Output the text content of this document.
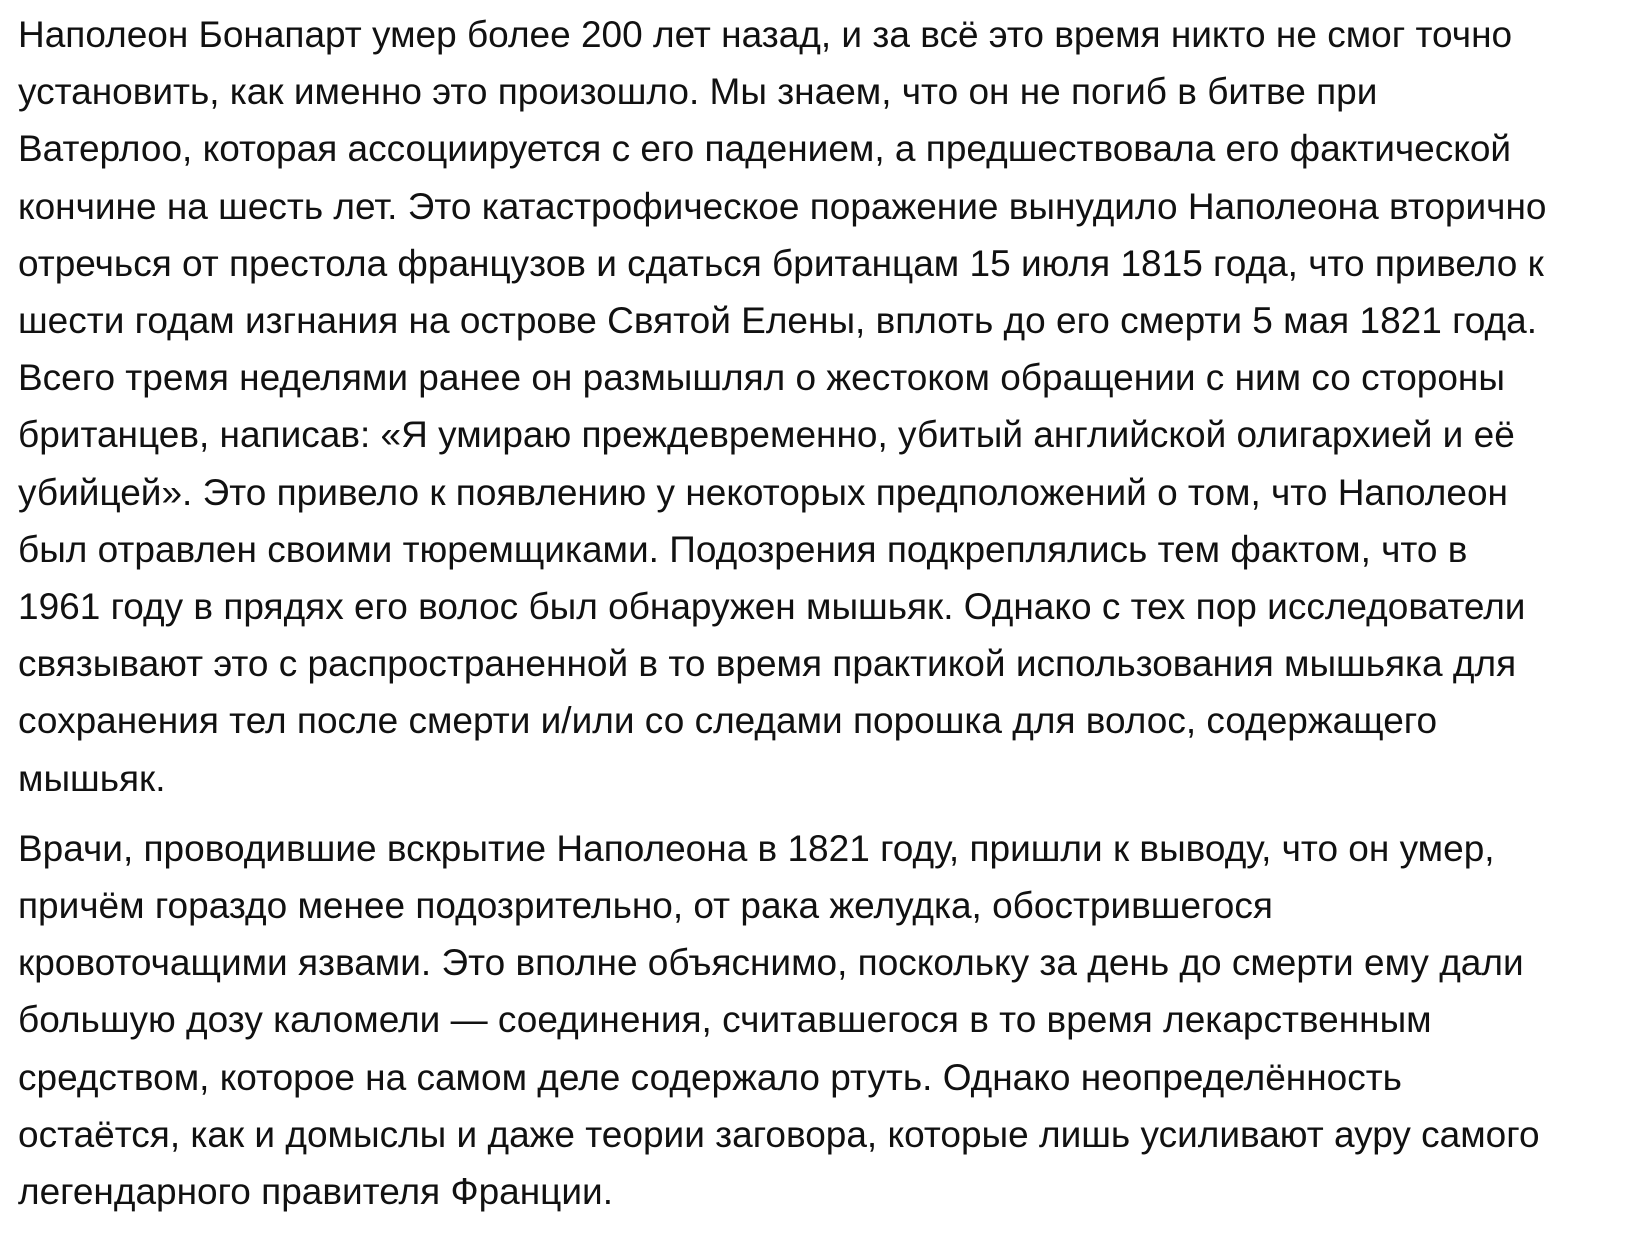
Наполеон Бонапарт умер более 200 лет назад, и за всё это время никто не смог точно
установить, как именно это произошло. Мы знаем, что он не погиб в битве при
Ватерлоо, которая ассоциируется с его падением, а предшествовала его фактической
кончине на шесть лет. Это катастрофическое поражение вынудило Наполеона вторично
отречься от престола французов и сдаться британцам 15 июля 1815 года, что привело к
шести годам изгнания на острове Святой Елены, вплоть до его смерти 5 мая 1821 года.
Всего тремя неделями ранее он размышлял о жестоком обращении с ним со стороны
британцев, написав: «Я умираю преждевременно, убитый английской олигархией и её
убийцей». Это привело к появлению у некоторых предположений о том, что Наполеон
был отравлен своими тюремщиками. Подозрения подкреплялись тем фактом, что в
1961 году в прядях его волос был обнаружен мышьяк. Однако с тех пор исследователи
связывают это с распространенной в то время практикой использования мышьяка для
сохранения тел после смерти и/или со следами порошка для волос, содержащего
мышьяк.

Врачи, проводившие вскрытие Наполеона в 1821 году, пришли к выводу, что он умер,
причём гораздо менее подозрительно, от рака желудка, обострившегося
кровоточащими язвами. Это вполне объяснимо, поскольку за день до смерти ему дали
большую дозу каломели — соединения, считавшегося в то время лекарственным
средством, которое на самом деле содержало ртуть. Однако неопределённость
остаётся, как и домыслы и даже теории заговора, которые лишь усиливают ауру самого
легендарного правителя Франции.
